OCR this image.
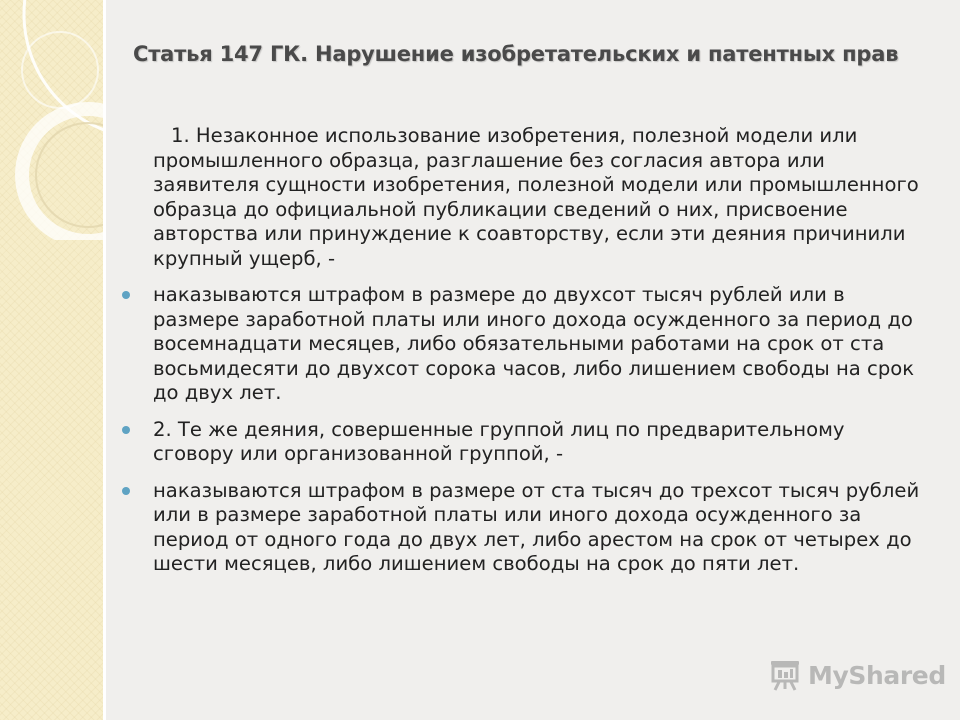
Статья 147 ГК. Нарушение изобретательских и патентных прав

1. Незаконное использование изобретения, полезной модели или промышленного образца, разглашение без согласия автора или заявителя сущности изобретения, полезной модели или промышленного образца до официальной публикации сведений о них, присвоение авторства или принуждение к соавторству, если эти деяния причинили крупный ущерб, -

наказываются штрафом в размере до двухсот тысяч рублей или в размере заработной платы или иного дохода осужденного за период до восемнадцати месяцев, либо обязательными работами на срок от ста восьмидесяти до двухсот сорока часов, либо лишением свободы на срок до двух лет.

2. Те же деяния, совершенные группой лиц по предварительному сговору или организованной группой, -

наказываются штрафом в размере от ста тысяч до трехсот тысяч рублей или в размере заработной платы или иного дохода осужденного за период от одного года до двух лет, либо арестом на срок от четырех до шести месяцев, либо лишением свободы на срок до пяти лет.

MyShared
